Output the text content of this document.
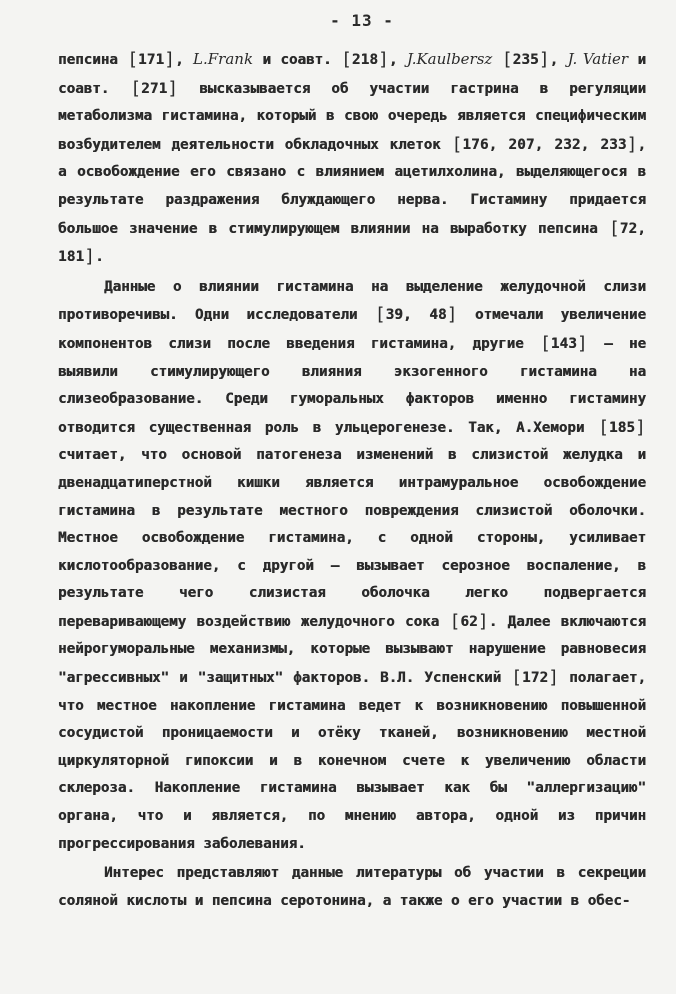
- 13 -

пепсина [171], L.Frank и соавт. [218], J.Kaulbersz [235], J. Vatier и соавт. [271] высказывается об участии гастрина в регуляции метаболизма гистамина, который в свою очередь является специфическим возбудителем деятельности обкладочных клеток [176, 207, 232, 233], а освобождение его связано с влиянием ацетилхолина, выделяющегося в результате раздражения блуждающего нерва. Гистамину придается большое значение в стимулирующем влиянии на выработку пепсина [72, 181].

Данные о влиянии гистамина на выделение желудочной слизи противоречивы. Одни исследователи [39, 48] отмечали увеличение компонентов слизи после введения гистамина, другие [143] – не выявили стимулирующего влияния экзогенного гистамина на слизеобразование. Среди гуморальных факторов именно гистамину отводится существенная роль в ульцерогенезе. Так, А.Хемори [185] считает, что основой патогенеза изменений в слизистой желудка и двенадцатиперстной кишки является интрамуральное освобождение гистамина в результате местного повреждения слизистой оболочки. Местное освобождение гистамина, с одной стороны, усиливает кислотообразование, с другой – вызывает серозное воспаление, в результате чего слизистая оболочка легко подвергается переваривающему воздействию желудочного сока [62]. Далее включаются нейрогуморальные механизмы, которые вызывают нарушение равновесия "агрессивных" и "защитных" факторов. В.Л. Успенский [172] полагает, что местное накопление гистамина ведет к возникновению повышенной сосудистой проницаемости и отёку тканей, возникновению местной циркуляторной гипоксии и в конечном счете к увеличению области склероза. Накопление гистамина вызывает как бы "аллергизацию" органа, что и является, по мнению автора, одной из причин прогрессирования заболевания.

Интерес представляют данные литературы об участии в секреции соляной кислоты и пепсина серотонина, а также о его участии в обес-
